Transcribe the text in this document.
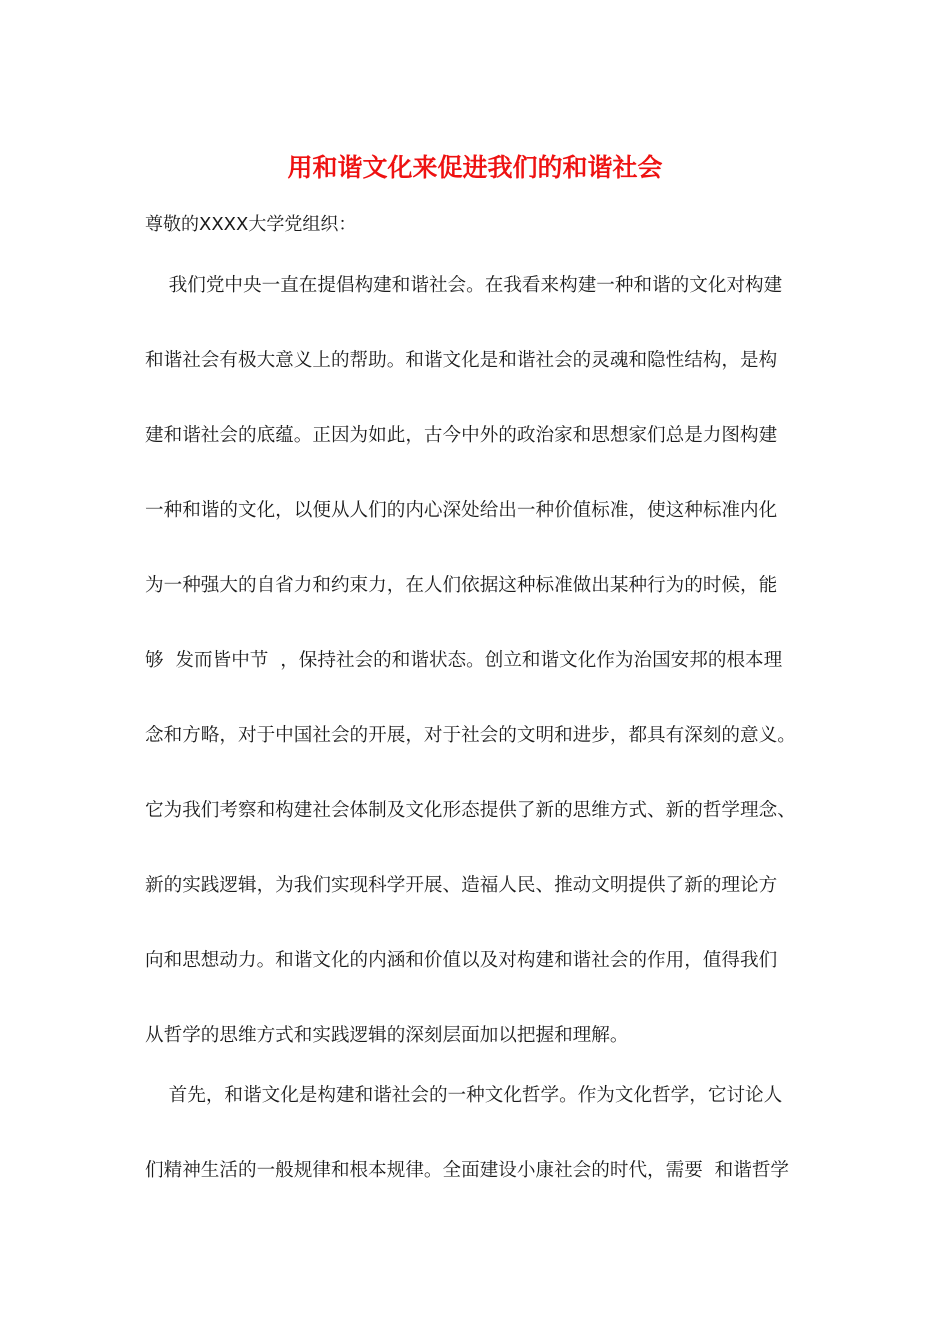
用和谐文化来促进我们的和谐社会

尊敬的XXXX大学党组织：

我们党中央一直在提倡构建和谐社会。在我看来构建一种和谐的文化对构建

和谐社会有极大意义上的帮助。和谐文化是和谐社会的灵魂和隐性结构，是构

建和谐社会的底蕴。正因为如此，古今中外的政治家和思想家们总是力图构建

一种和谐的文化，以便从人们的内心深处给出一种价值标准，使这种标准内化

为一种强大的自省力和约束力，在人们依据这种标准做出某种行为的时候，能

够  发而皆中节  ，保持社会的和谐状态。创立和谐文化作为治国安邦的根本理

念和方略，对于中国社会的开展，对于社会的文明和进步，都具有深刻的意义。

它为我们考察和构建社会体制及文化形态提供了新的思维方式、新的哲学理念、

新的实践逻辑，为我们实现科学开展、造福人民、推动文明提供了新的理论方

向和思想动力。和谐文化的内涵和价值以及对构建和谐社会的作用，值得我们

从哲学的思维方式和实践逻辑的深刻层面加以把握和理解。

首先，和谐文化是构建和谐社会的一种文化哲学。作为文化哲学，它讨论人

们精神生活的一般规律和根本规律。全面建设小康社会的时代，需要  和谐哲学
